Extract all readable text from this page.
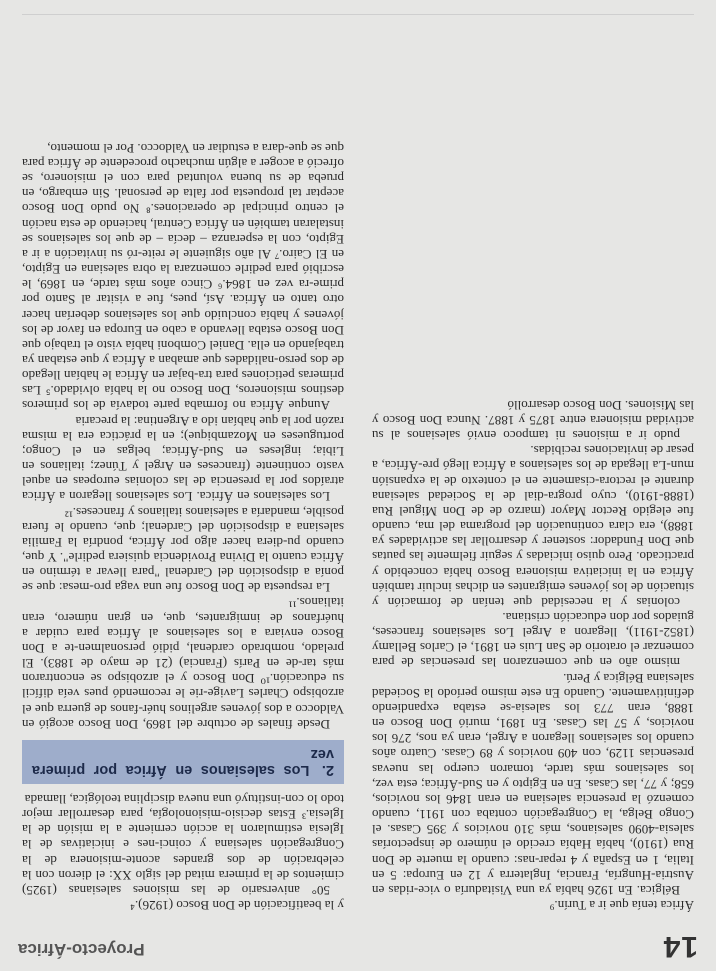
14
Proyecto-África

África tenía que ir a Turín.⁹

Bélgica. En 1926 había ya una Visitaduría o vice-ridas en Austria-Hungría, Francia, Inglaterra y 12 en Europa: 5 en Italia, 1 en España y 4 repar-nas: cuando la muerte de Don Rua (1910), había Había crecido el número de inspectorías salesia-4090 salesianos, más 310 novicios y 395 Casas. el Congo Belga, la Congregación contaba con 1911, cuando comenzó la presencia salesiana en eran 1846 los novicios, 658; y 77, las Casas. En en Egipto y en Sud-África; esta vez, los salesianos más tarde, tomaron cuerpo las nuevas presencias 1129, con 409 novicios y 89 Casas. Cuatro años cuando los salesianos llegaron a Argel, eran ya nos, 276 los novicios, y 57 las Casas. En 1891, murió Don Bosco en 1888, eran 773 los salesia-se estaba expandiendo definitivamente. Cuando En este mismo período la Sociedad salesiana Bélgica y Perú.

mismo año en que comenzaron las presencias de para comenzar el oratorio de San Luis en 1891, el Carlos Bellamy (1852-1911), llegaron a Argel Los salesianos franceses, guiados por don educación cristiana.

colonias y la necesidad que tenían de formación y situación de los jóvenes emigrantes en dichas incluir también África en la iniciativa misionera Bosco había concebido y practicado. Pero quiso iniciadas y seguir fielmente las pautas que Don Fundador: sostener y desarrollar las actividades ya 1888), era clara continuación del programa del ma, cuando fue elegido Rector Mayor (marzo de de Don Miguel Rua (1888-1910), cuyo progra-dial de la Sociedad salesiana durante el rectora-cisamente en el contexto de la expansión mun-La llegada de los salesianos a África llegó pre-África, a pesar de invitaciones recibidas.

pudo ir a misiones ni tampoco envió salesianos al su actividad misionera entre 1875 y 1887. Nunca Don Bosco y las Misiones. Don Bosco desarrolló

y la beatificación de Don Bosco (1926).⁴

50° aniversario de las misiones salesianas (1925) cimientos de la primera mitad del siglo XX: el dieron con la celebración de dos grandes aconte-misionera de la Congregación salesiana y coinci-nes e iniciativas de la Iglesia estimularon la acción cerniente a la misión de la Iglesia.³ Estas decisio-misionología, para desarrollar mejor todo lo con-instituyó una nueva disciplina teológica, llamada

2. Los salesianos en África por primera vez

Desde finales de octubre del 1869, Don Bosco acogió en Valdocco a dos jóvenes argelinos huér-fanos de guerra que el arzobispo Charles Lavige-rie le recomendó pues veía difícil su educación.¹⁰ Don Bosco y el arzobispo se encontraron más tar-de en París (Francia) (21 de mayo de 1883). El prelado, nombrado cardenal, pidió personalmen-te a Don Bosco enviara a los salesianos al África para cuidar a huérfanos de inmigrantes, que, en gran número, eran italianos.¹¹

La respuesta de Don Bosco fue una vaga pro-mesa: que se ponía a disposición del Cardenal "para llevar a término en África cuanto la Divina Providencia quisiera pedirle". Y que, cuando pu-diera hacer algo por África, pondría la Familia salesiana a disposición del Cardenal; que, cuando le fuera posible, mandaría a salesianos italianos y franceses.¹²

Los salesianos en África. Los salesianos llegaron a África atraídos por la presencia de las colonias europeas en aquel vasto continente (franceses en Argel y Túnez; italianos en Libia; ingleses en Sud-África; belgas en el Congo; portugueses en Mozambique); en la práctica era la misma razón por la que habían ido a Argentina: la precaria

Aunque África no formaba parte todavía de los primeros destinos misioneros, Don Bosco no la había olvidado.⁵ Las primeras peticiones para tra-bajar en África le habían llegado de dos perso-nalidades que amaban a África y que estaban ya trabajando en ella. Daniel Comboni había visto el trabajo que Don Bosco estaba llevando a cabo en Europa en favor de los jóvenes y había concluido que los salesianos deberían hacer otro tanto en África. Así, pues, fue a visitar al Santo por prime-ra vez en 1864.⁶ Cinco años más tarde, en 1869, le escribió para pedirle comenzara la obra salesiana en Egipto, en El Cairo.⁷ Al año siguiente le reite-ró su invitación a ir a Egipto, con la esperanza – decía – de que los salesianos se instalaran también en África Central, haciendo de esta nación el centro principal de operaciones.⁸ No pudo Don Bosco aceptar tal propuesta por falta de personal. Sin embargo, en prueba de su buena voluntad para con el misionero, se ofreció a acoger a algún muchacho procedente de África para que se que-dara a estudiar en Valdocco. Por el momento,
